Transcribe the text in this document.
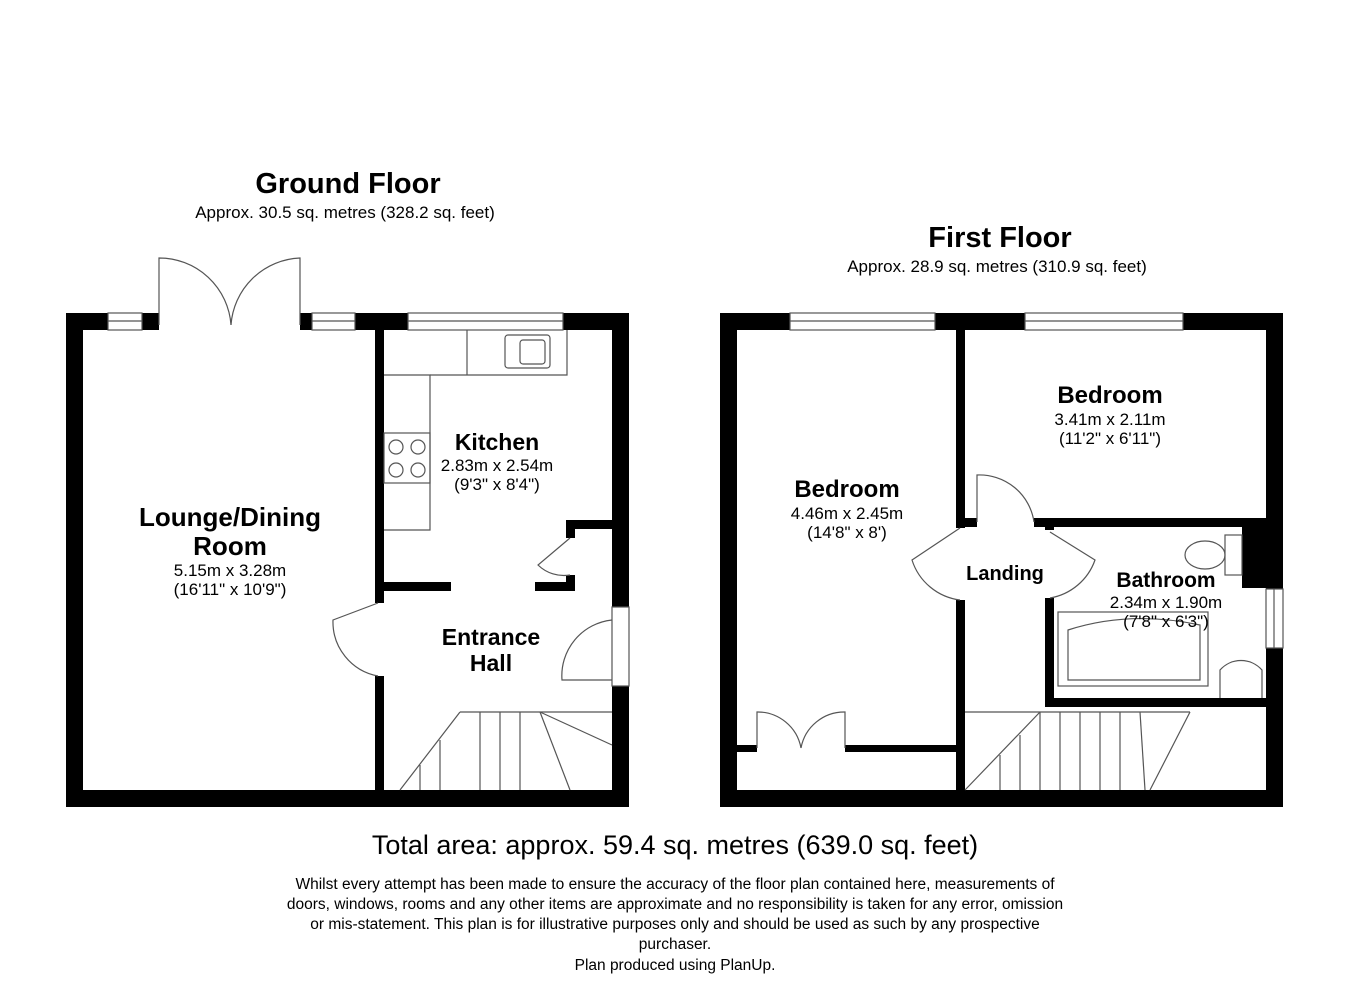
Ground Floor
Approx. 30.5 sq. metres (328.2 sq. feet)
First Floor
Approx. 28.9 sq. metres (310.9 sq. feet)
Lounge/Dining
Room
5.15m x 3.28m
(16'11" x 10'9")
Kitchen
2.83m x 2.54m
(9'3" x 8'4")
Entrance
Hall
Bedroom
4.46m x 2.45m
(14'8" x 8')
Bedroom
3.41m x 2.11m
(11'2" x 6'11")
Landing	Bathroom
2.34m x 1.90m
(7'8" x 6'3")
Total area: approx. 59.4 sq. metres (639.0 sq. feet)
Whilst every attempt has been made to ensure the accuracy of the floor plan contained here, measurements of
doors, windows, rooms and any other items are approximate and no responsibility is taken for any error, omission
or mis-statement. This plan is for illustrative purposes only and should be used as such by any prospective
purchaser.
Plan produced using PlanUp.
